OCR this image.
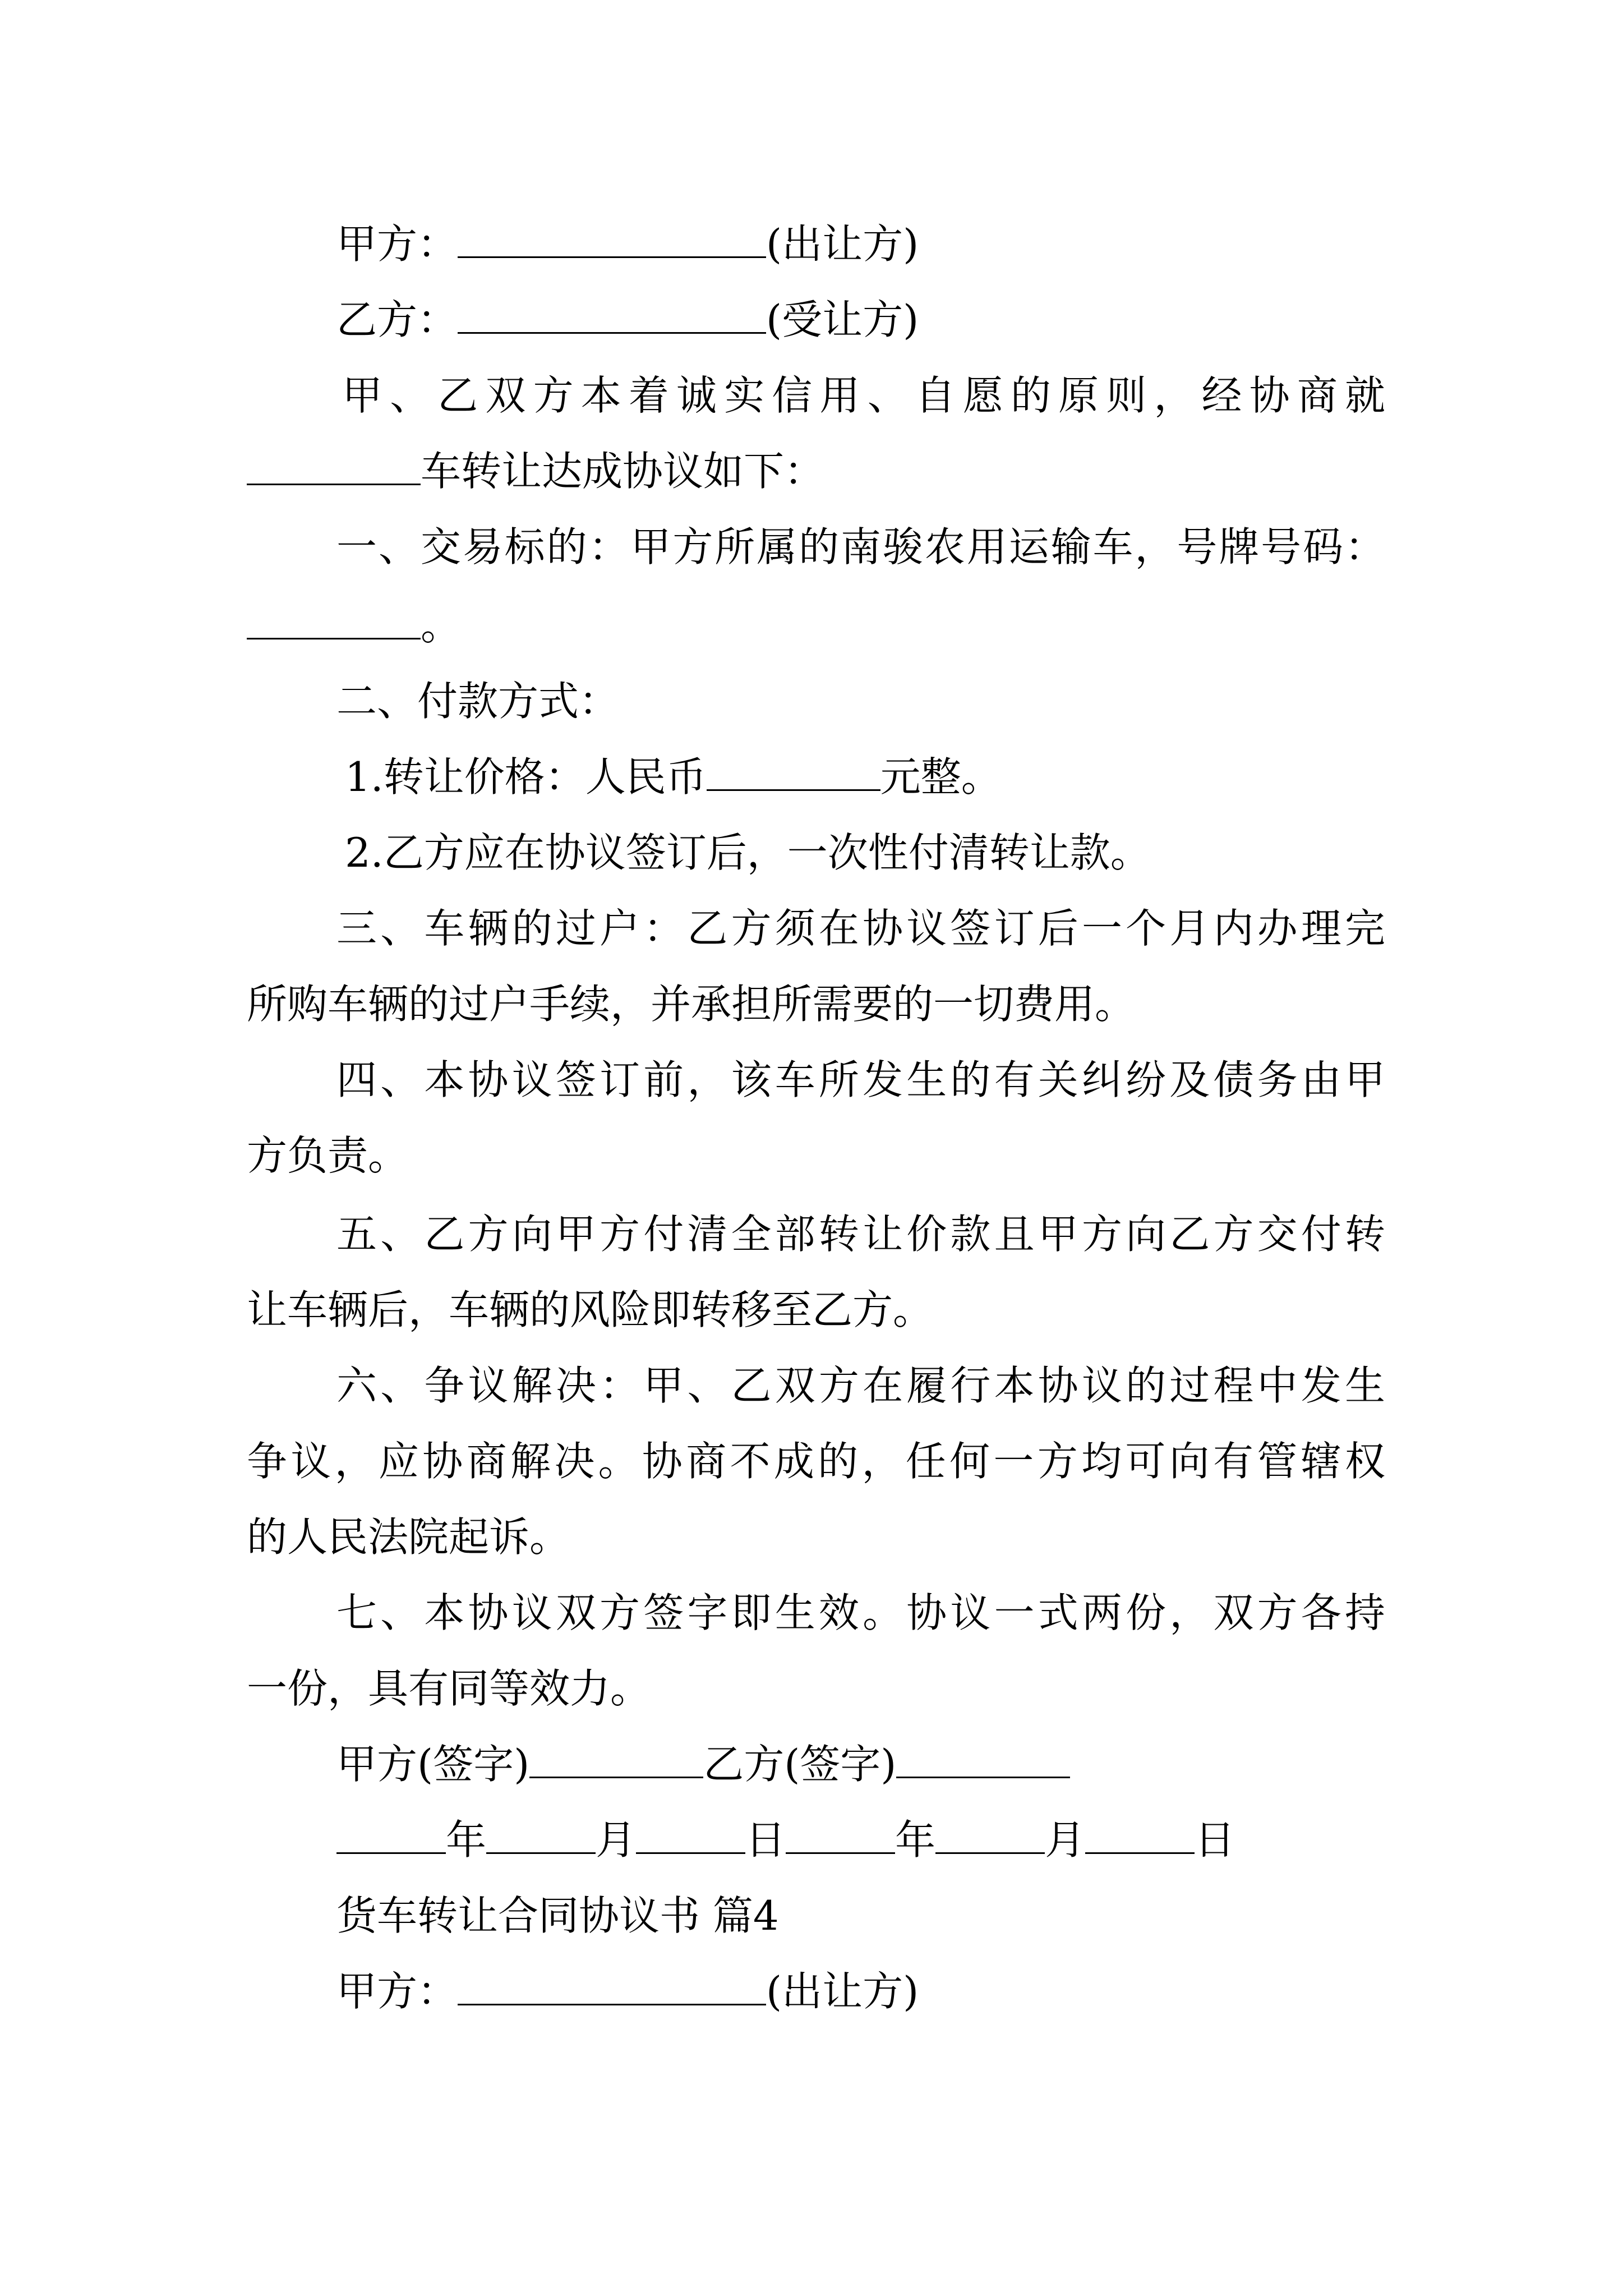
甲方：	(出让方)
乙方：	(受让方)
甲、乙双方本着诚实信用、自愿的原则，经协商就
车转让达成协议如下：
一、交易标的：甲方所属的南骏农用运输车，号牌号码：
。
二、付款方式：
1.转让价格：人民币	元整。
2.乙方应在协议签订后，一次性付清转让款。
三、车辆的过户：乙方须在协议签订后一个月内办理完
所购车辆的过户手续，并承担所需要的一切费用。
四、本协议签订前，该车所发生的有关纠纷及债务由甲
方负责。
五、乙方向甲方付清全部转让价款且甲方向乙方交付转
让车辆后，车辆的风险即转移至乙方。
六、争议解决：甲、乙双方在履行本协议的过程中发生
争议，应协商解决。协商不成的，任何一方均可向有管辖权
的人民法院起诉。
七、本协议双方签字即生效。协议一式两份，双方各持
一份，具有同等效力。
甲方(签字)	乙方(签字)
年	月	日	年	月	日
货车转让合同协议书 篇4
甲方：	(出让方)
